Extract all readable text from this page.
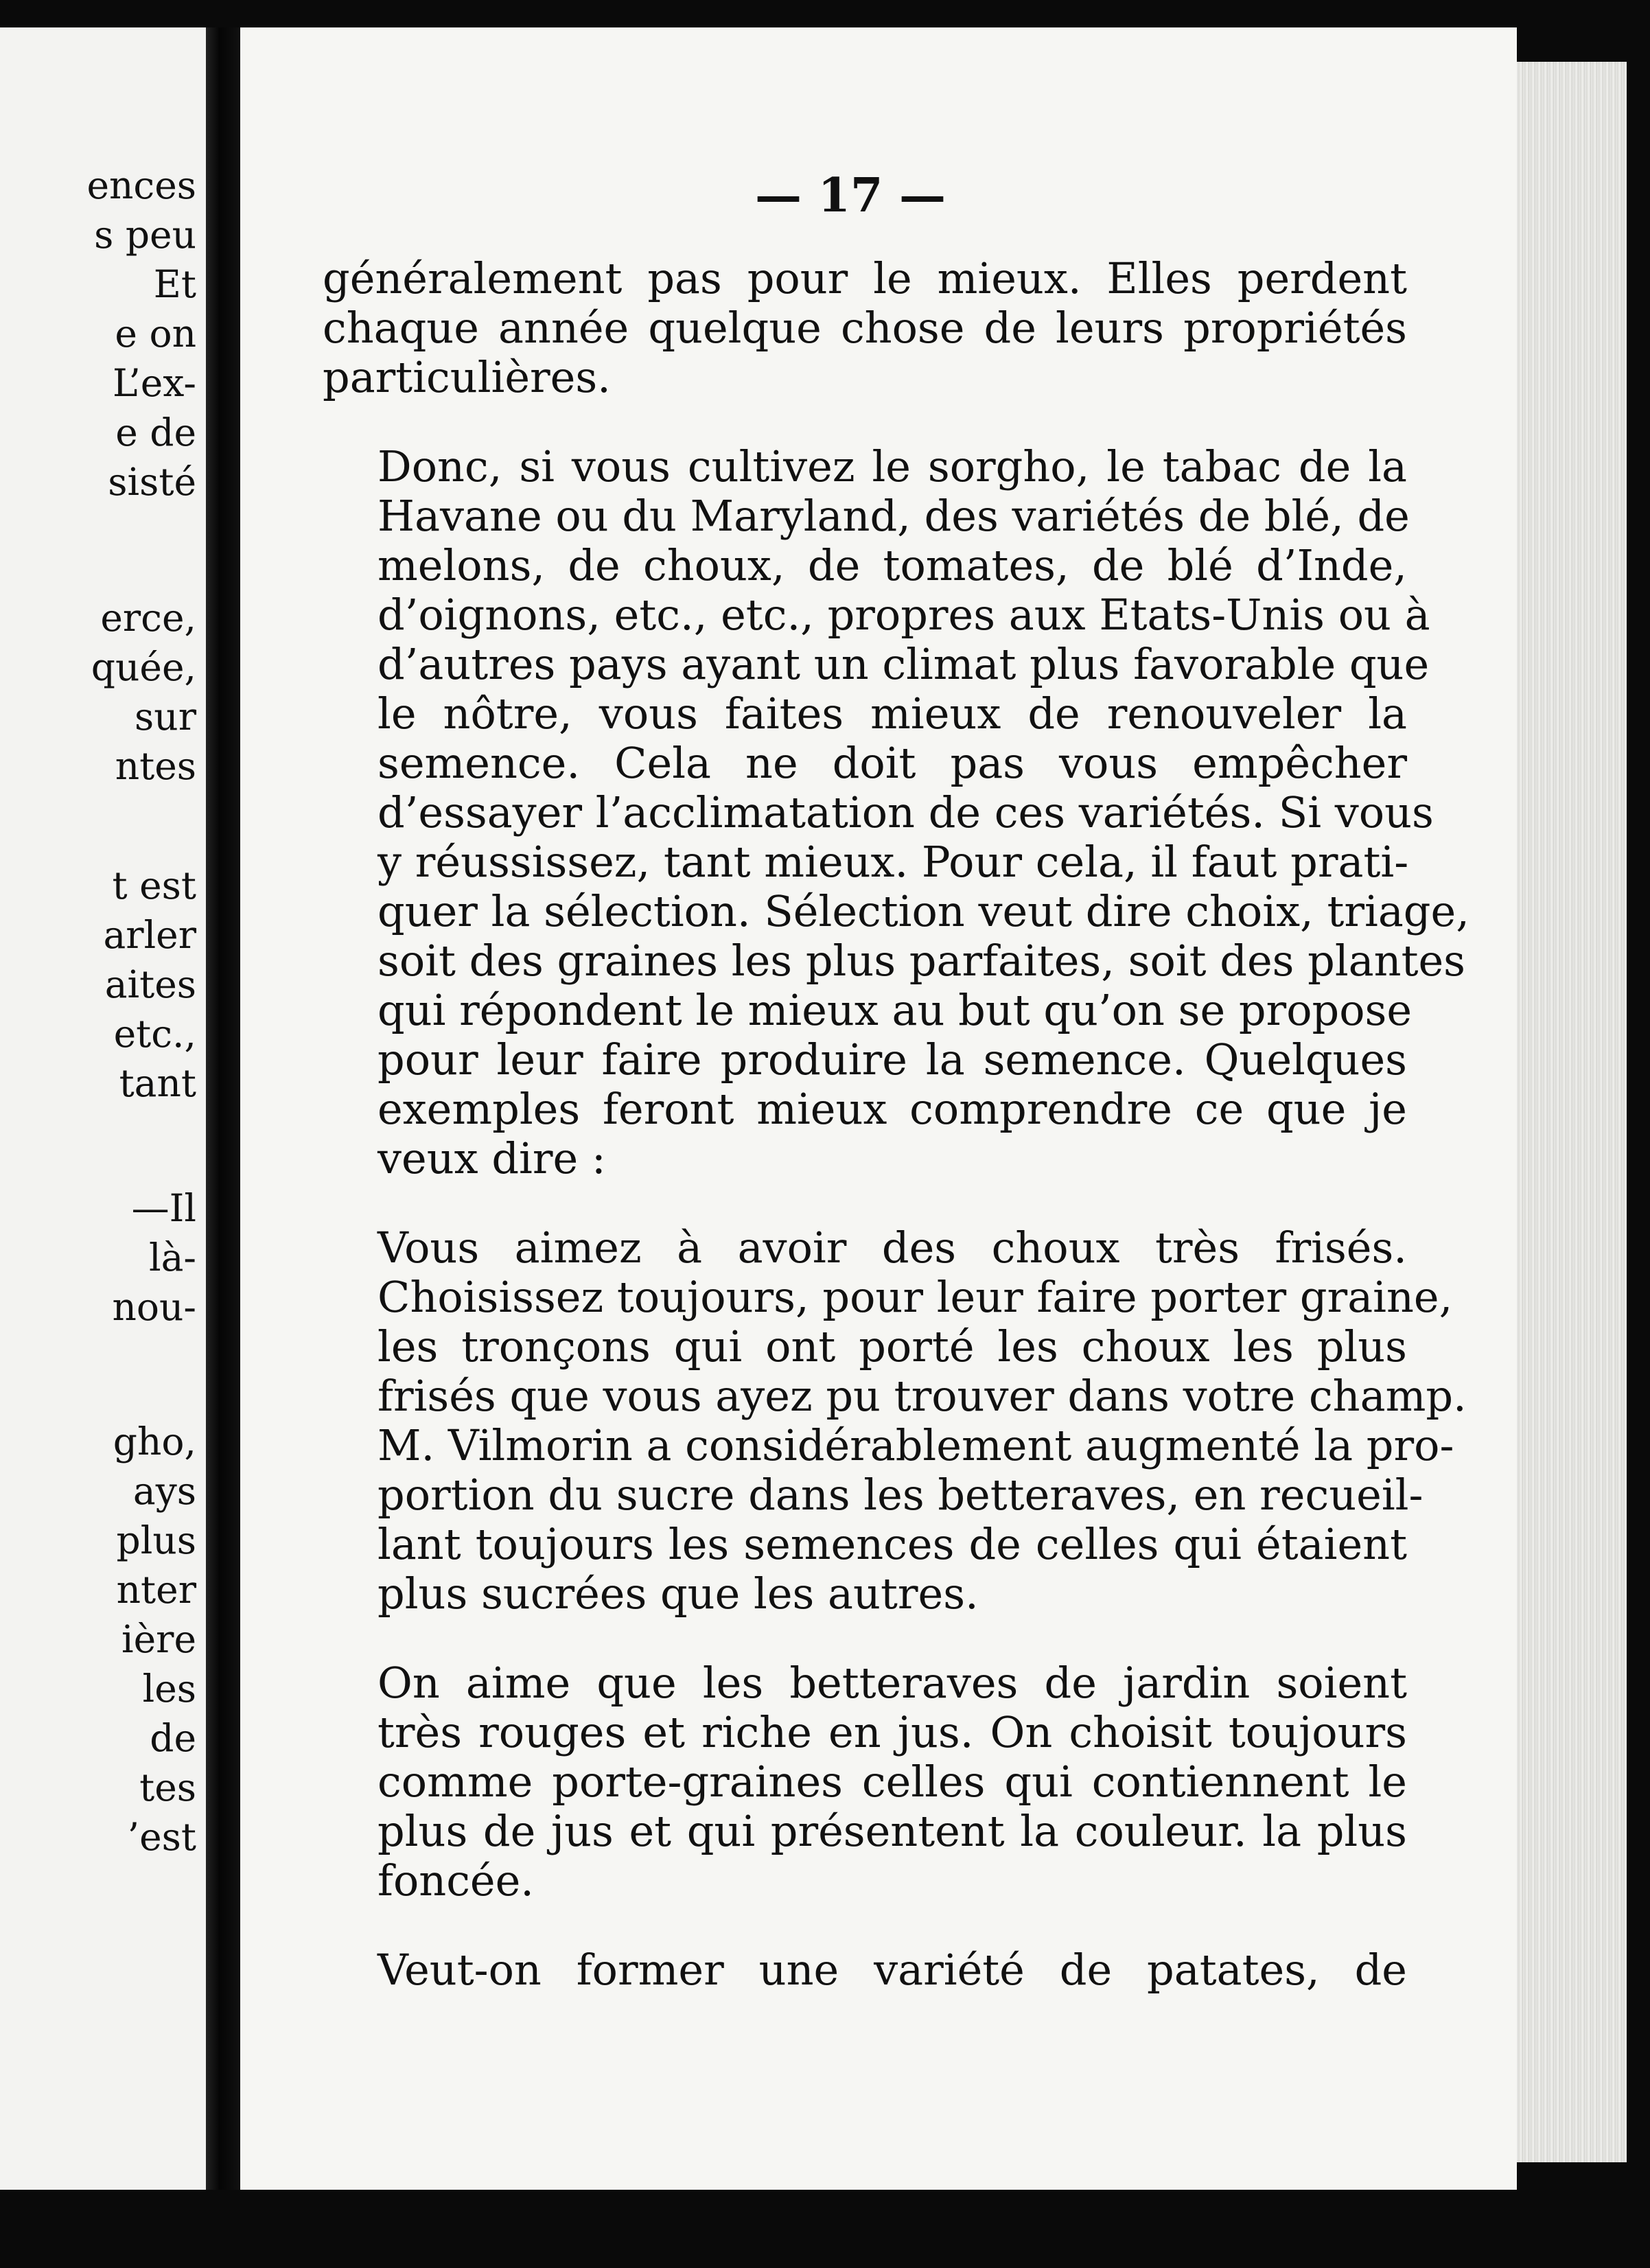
ences
s peu
Et
e on
L’ex-
e de
sisté
erce,
quée,
sur
ntes
t est
arler
aites
etc.,
tant
—Il
là-
nou-
gho,
ays
plus
nter
ière
les
de
tes
’est
— 17 —

généralement pas pour le mieux. Elles perdent
chaque année quelque chose de leurs propriétés
particulières.

Donc, si vous cultivez le sorgho, le tabac de la
Havane ou du Maryland, des variétés de blé, de
melons, de choux, de tomates, de blé d’Inde,
d’oignons, etc., etc., propres aux Etats-Unis ou à
d’autres pays ayant un climat plus favorable que
le nôtre, vous faites mieux de renouveler la
semence. Cela ne doit pas vous empêcher
d’essayer l’acclimatation de ces variétés. Si vous
y réussissez, tant mieux. Pour cela, il faut prati-
quer la sélection. Sélection veut dire choix, triage,
soit des graines les plus parfaites, soit des plantes
qui répondent le mieux au but qu’on se propose
pour leur faire produire la semence. Quelques
exemples feront mieux comprendre ce que je
veux dire :

Vous aimez à avoir des choux très frisés.
Choisissez toujours, pour leur faire porter graine,
les tronçons qui ont porté les choux les plus
frisés que vous ayez pu trouver dans votre champ.
M. Vilmorin a considérablement augmenté la pro-
portion du sucre dans les betteraves, en recueil-
lant toujours les semences de celles qui étaient
plus sucrées que les autres.

On aime que les betteraves de jardin soient
très rouges et riche en jus. On choisit toujours
comme porte-graines celles qui contiennent le
plus de jus et qui présentent la couleur. la plus
foncée.

Veut-on former une variété de patates, de
